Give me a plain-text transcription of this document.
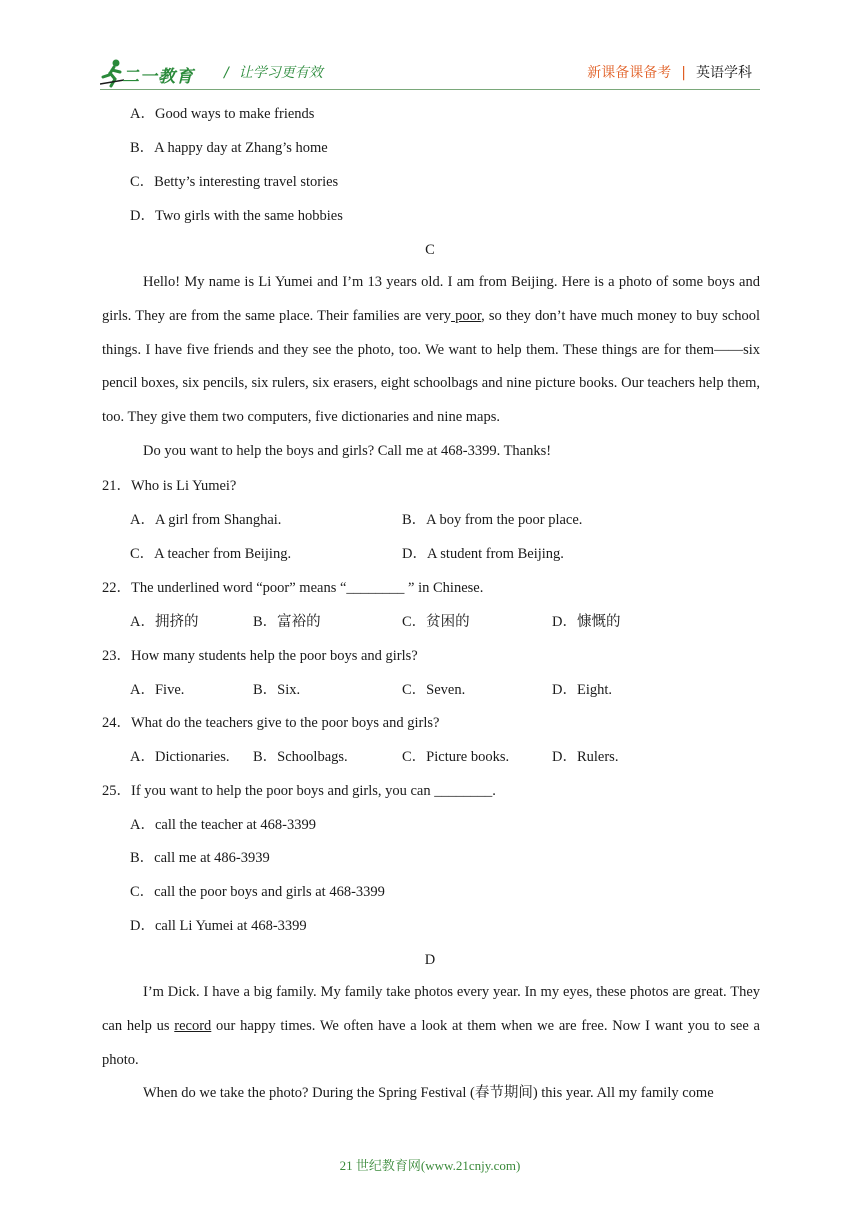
二一教育 / 让学习更有效	新课备课备考 | 英语学科
A．Good ways to make friends
B．A happy day at Zhang’s home
C．Betty’s interesting travel stories
D．Two girls with the same hobbies
C
Hello! My name is Li Yumei and I’m 13 years old. I am from Beijing. Here is a photo of some boys and girls. They are from the same place. Their families are very poor, so they don’t have much money to buy school things. I have five friends and they see the photo, too. We want to help them. These things are for them——six pencil boxes, six pencils, six rulers, six erasers, eight schoolbags and nine picture books. Our teachers help them, too. They give them two computers, five dictionaries and nine maps.
Do you want to help the boys and girls? Call me at 468-3399. Thanks!
21．Who is Li Yumei?
A．A girl from Shanghai.	B．A boy from the poor place.
C．A teacher from Beijing.	D．A student from Beijing.
22．The underlined word “poor” means “________ ” in Chinese.
A．拥挤的	B．富裕的	C．贫困的	D．慷慨的
23．How many students help the poor boys and girls?
A．Five.	B．Six.	C．Seven.	D．Eight.
24．What do the teachers give to the poor boys and girls?
A．Dictionaries. B．Schoolbags.	C．Picture books.	D．Rulers.
25．If you want to help the poor boys and girls, you can ________.
A．call the teacher at 468-3399
B．call me at 486-3939
C．call the poor boys and girls at 468-3399
D．call Li Yumei at 468-3399
D
I’m Dick. I have a big family. My family take photos every year. In my eyes, these photos are great. They can help us record our happy times. We often have a look at them when we are free. Now I want you to see a photo.
When do we take the photo? During the Spring Festival (春节期间) this year. All my family come
21 世纪教育网(www.21cnjy.com)
